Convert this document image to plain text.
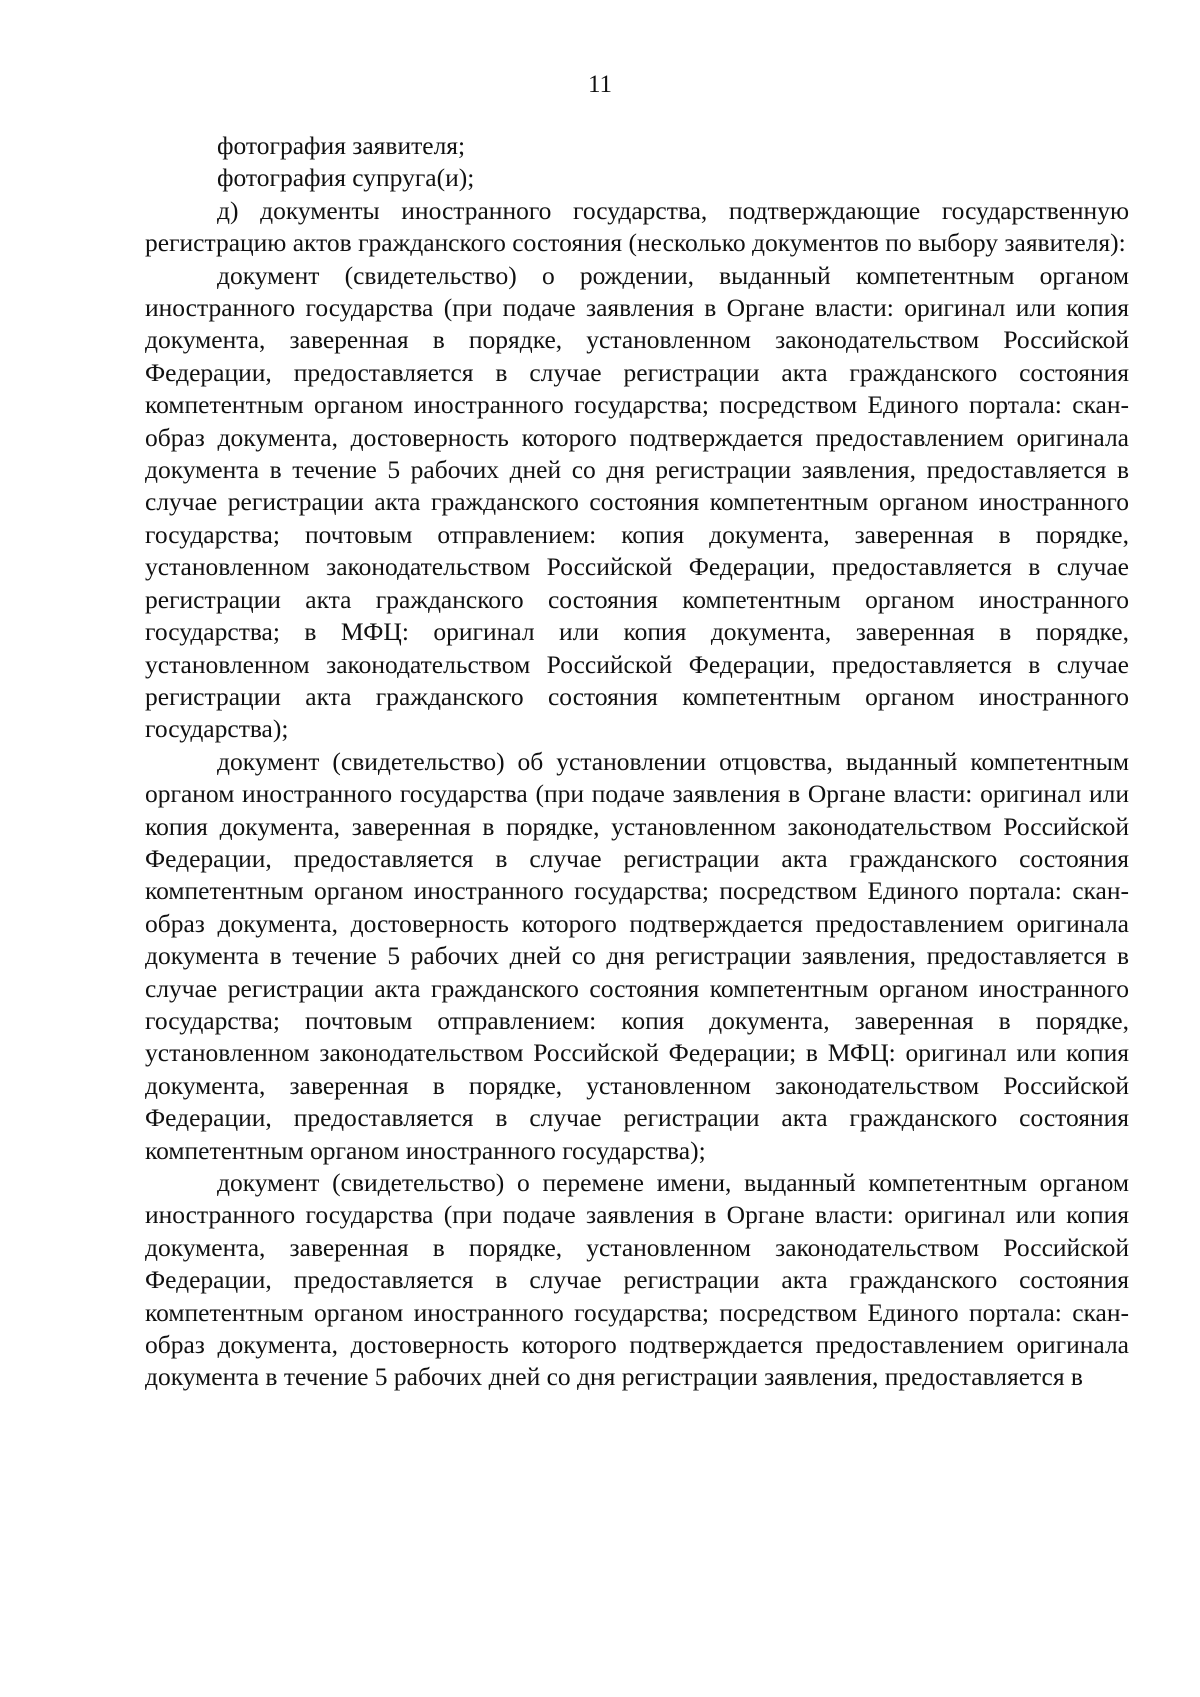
11

фотография заявителя;

фотография супруга(и);

д) документы иностранного государства, подтверждающие государственную регистрацию актов гражданского состояния (несколько документов по выбору заявителя):

документ (свидетельство) о рождении, выданный компетентным органом иностранного государства (при подаче заявления в Органе власти: оригинал или копия документа, заверенная в порядке, установленном законодательством Российской Федерации, предоставляется в случае регистрации акта гражданского состояния компетентным органом иностранного государства; посредством Единого портала: скан-образ документа, достоверность которого подтверждается предоставлением оригинала документа в течение 5 рабочих дней со дня регистрации заявления, предоставляется в случае регистрации акта гражданского состояния компетентным органом иностранного государства; почтовым отправлением: копия документа, заверенная в порядке, установленном законодательством Российской Федерации, предоставляется в случае регистрации акта гражданского состояния компетентным органом иностранного государства; в МФЦ: оригинал или копия документа, заверенная в порядке, установленном законодательством Российской Федерации, предоставляется в случае регистрации акта гражданского состояния компетентным органом иностранного государства);

документ (свидетельство) об установлении отцовства, выданный компетентным органом иностранного государства (при подаче заявления в Органе власти: оригинал или копия документа, заверенная в порядке, установленном законодательством Российской Федерации, предоставляется в случае регистрации акта гражданского состояния компетентным органом иностранного государства; посредством Единого портала: скан-образ документа, достоверность которого подтверждается предоставлением оригинала документа в течение 5 рабочих дней со дня регистрации заявления, предоставляется в случае регистрации акта гражданского состояния компетентным органом иностранного государства; почтовым отправлением: копия документа, заверенная в порядке, установленном законодательством Российской Федерации; в МФЦ: оригинал или копия документа, заверенная в порядке, установленном законодательством Российской Федерации, предоставляется в случае регистрации акта гражданского состояния компетентным органом иностранного государства);

документ (свидетельство) о перемене имени, выданный компетентным органом иностранного государства (при подаче заявления в Органе власти: оригинал или копия документа, заверенная в порядке, установленном законодательством Российской Федерации, предоставляется в случае регистрации акта гражданского состояния компетентным органом иностранного государства; посредством Единого портала: скан-образ документа, достоверность которого подтверждается предоставлением оригинала документа в течение 5 рабочих дней со дня регистрации заявления, предоставляется в
